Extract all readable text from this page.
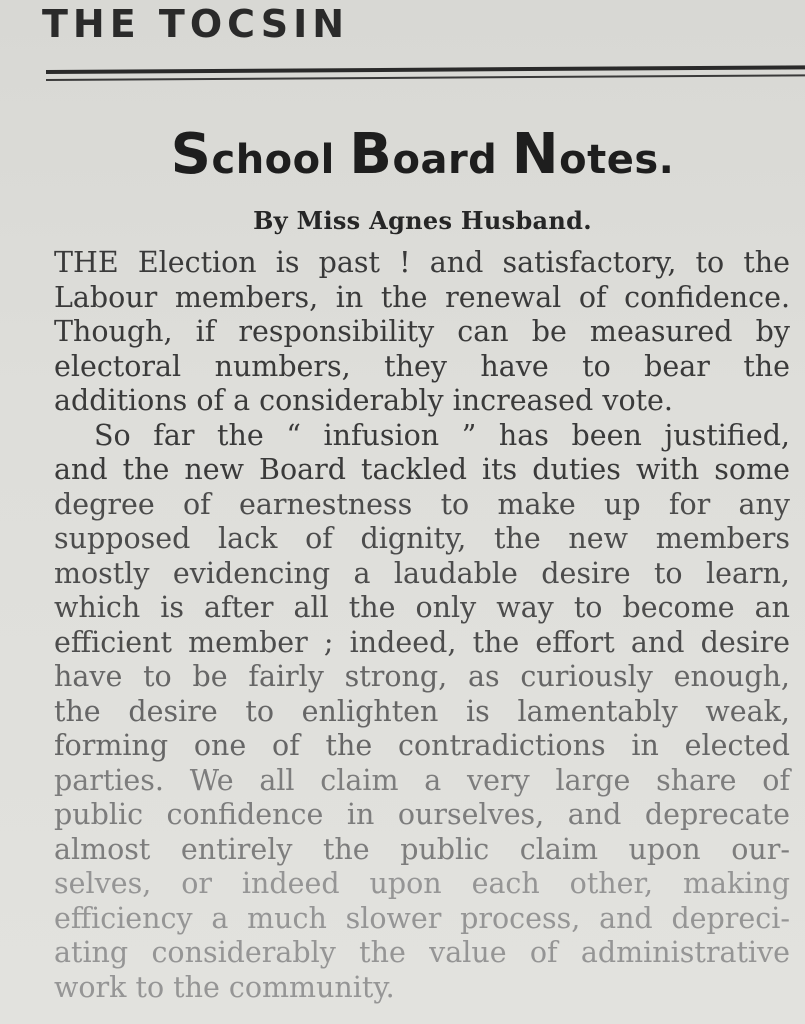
THE TOCSIN
School Board Notes.
By Miss Agnes Husband.
THE Election is past ! and satisfactory, to the
Labour members, in the renewal of confidence.
Though, if responsibility can be measured by
electoral numbers, they have to bear the
additions of a considerably increased vote.
So far the “ infusion ” has been justified,
and the new Board tackled its duties with some
degree of earnestness to make up for any
supposed lack of dignity, the new members
mostly evidencing a laudable desire to learn,
which is after all the only way to become an
efficient member ; indeed, the effort and desire
have to be fairly strong, as curiously enough,
the desire to enlighten is lamentably weak,
forming one of the contradictions in elected
parties. We all claim a very large share of
public confidence in ourselves, and deprecate
almost entirely the public claim upon our-
selves, or indeed upon each other, making
efficiency a much slower process, and depreci-
ating considerably the value of administrative
work to the community.
